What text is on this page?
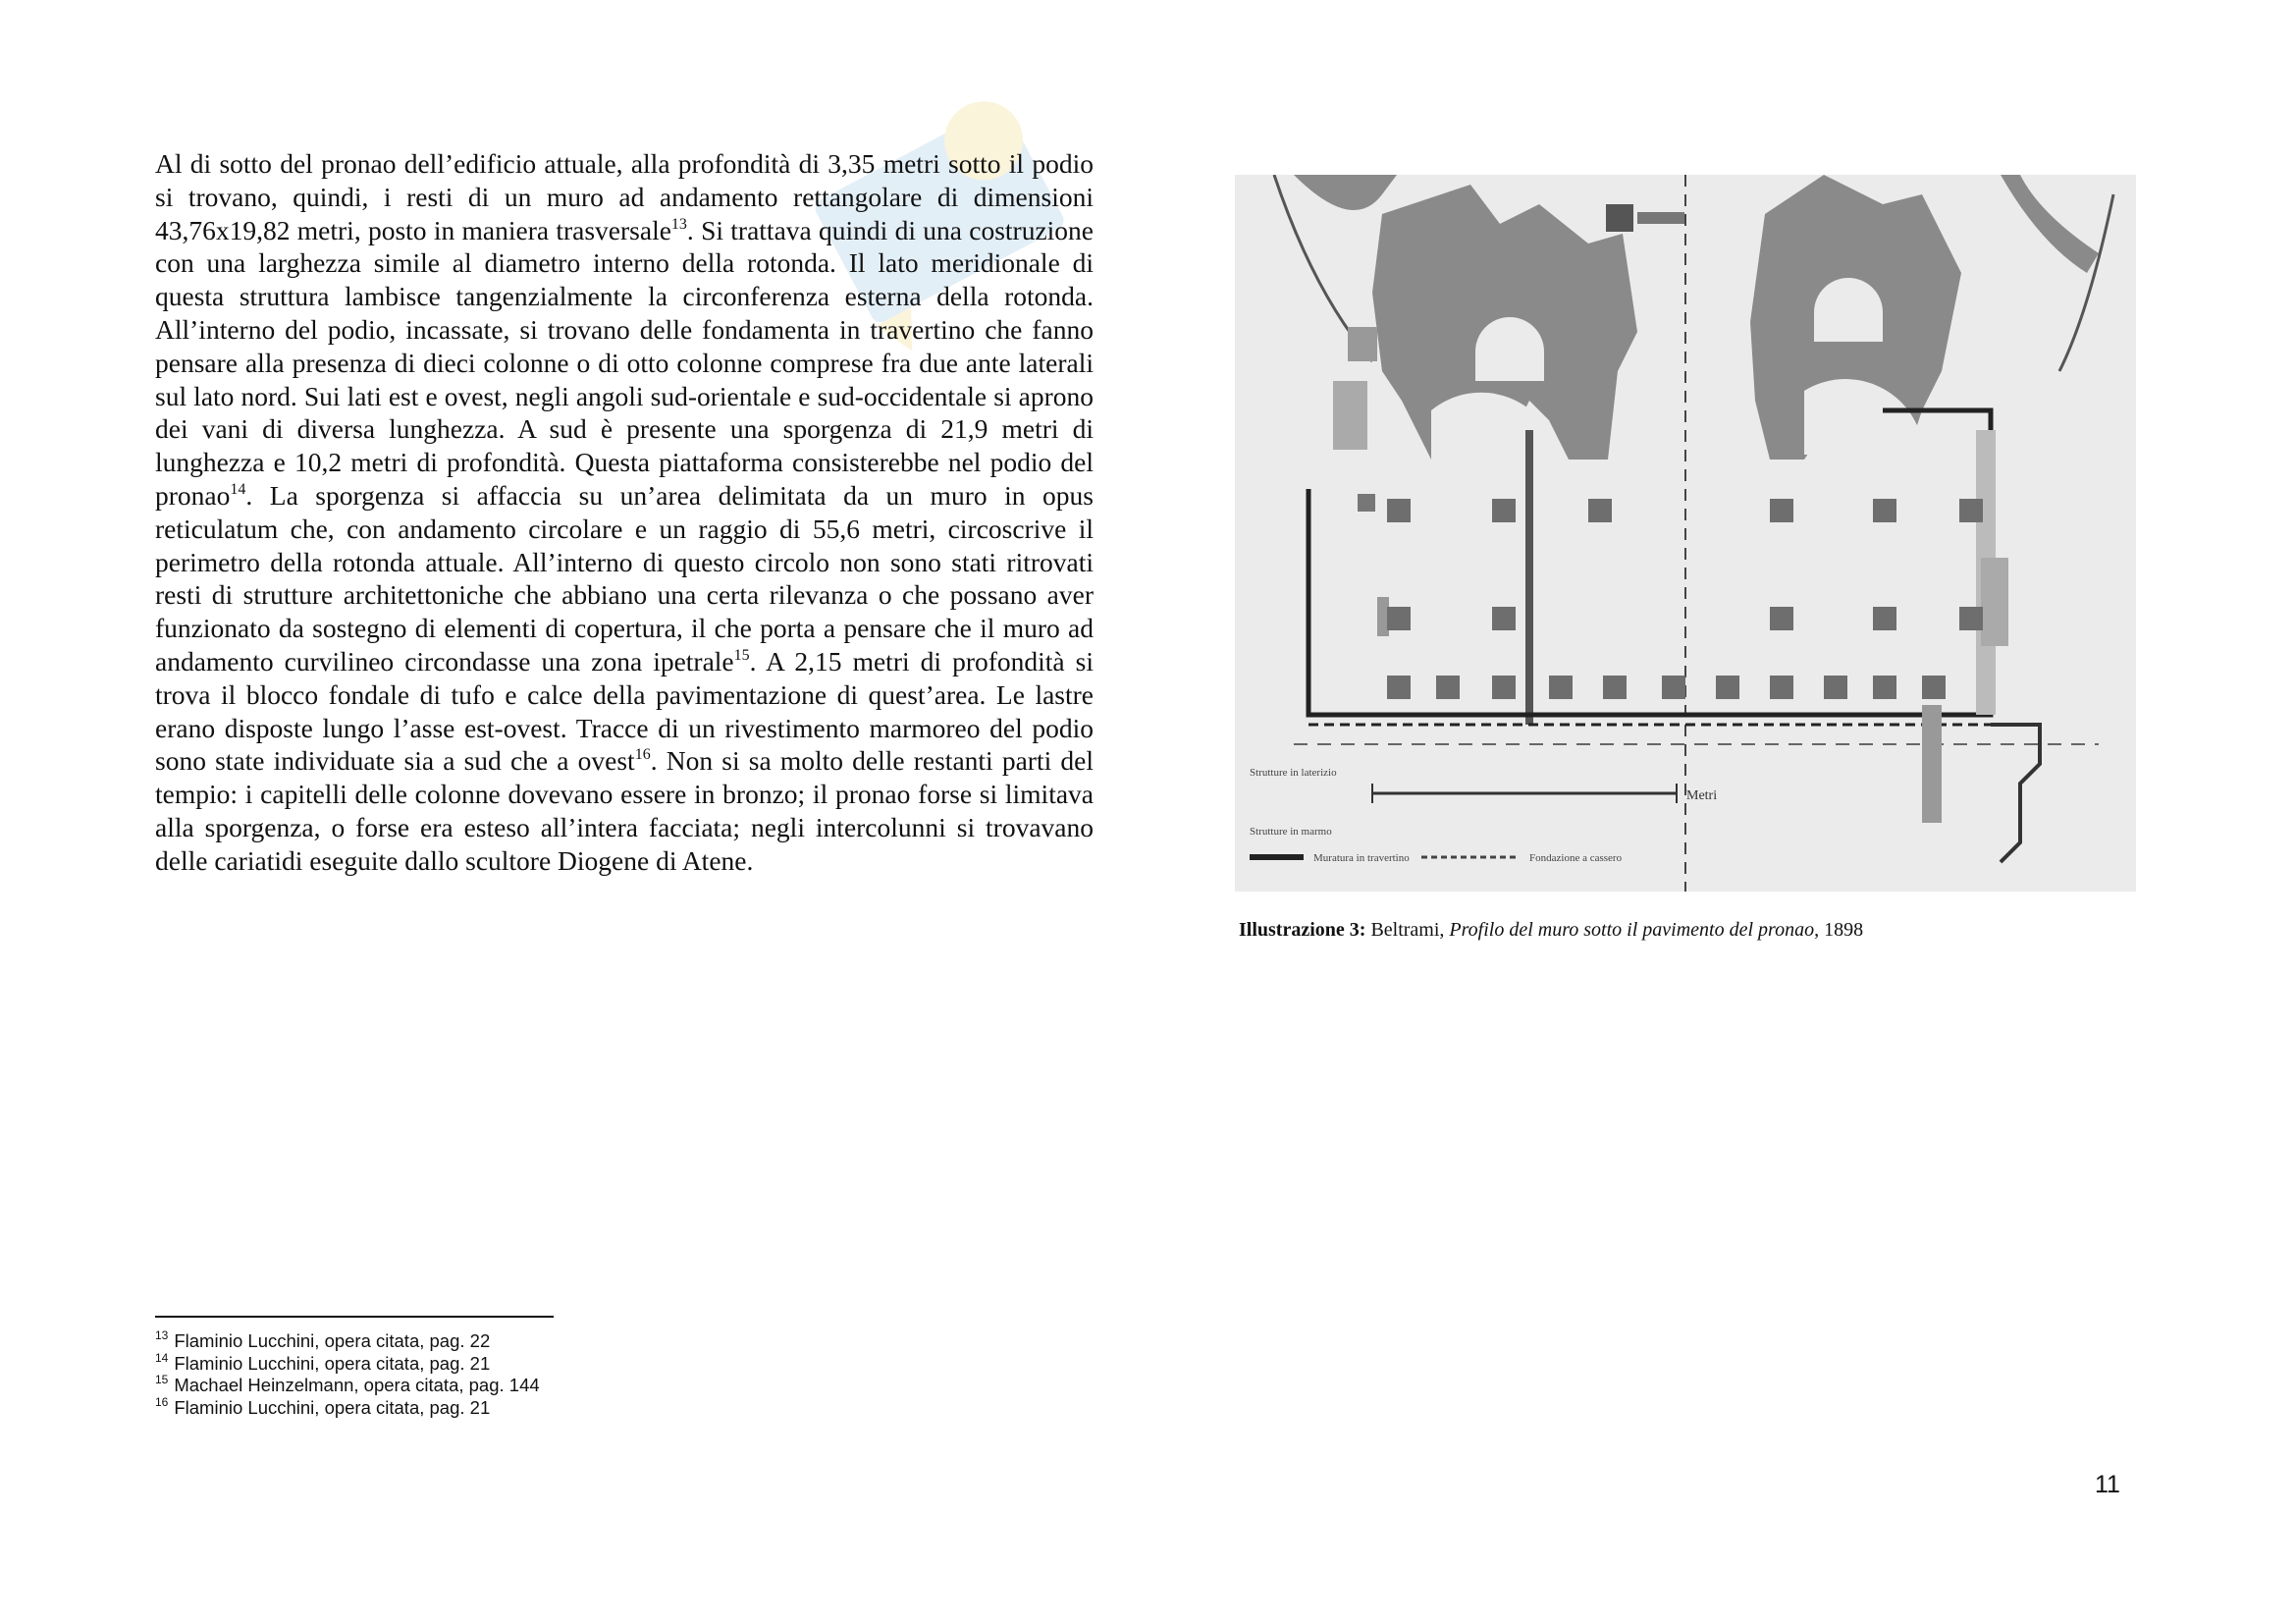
Al di sotto del pronao dell’edificio attuale, alla profondità di 3,35 metri sotto il podio si trovano, quindi, i resti di un muro ad andamento rettangolare di dimensioni 43,76x19,82 metri, posto in maniera trasversale$^{13}$. Si trattava quindi di una costruzione con una larghezza simile al diametro interno della rotonda. Il lato meridionale di questa struttura lambisce tangenzialmente la circonferenza esterna della rotonda. All’interno del podio, incassate, si trovano delle fondamenta in travertino che fanno pensare alla presenza di dieci colonne o di otto colonne comprese fra due ante laterali sul lato nord. Sui lati est e ovest, negli angoli sud-orientale e sud-occidentale si aprono dei vani di diversa lunghezza. A sud è presente una sporgenza di 21,9 metri di lunghezza e 10,2 metri di profondità. Questa piattaforma consisterebbe nel podio del pronao$^{14}$. La sporgenza si affaccia su un’area delimitata da un muro in opus reticulatum che, con andamento circolare e un raggio di 55,6 metri, circoscrive il perimetro della rotonda attuale. All’interno di questo circolo non sono stati ritrovati resti di strutture architettoniche che abbiano una certa rilevanza o che possano aver funzionato da sostegno di elementi di copertura, il che porta a pensare che il muro ad andamento curvilineo circondasse una zona ipetrale$^{15}$. A 2,15 metri di profondità si trova il blocco fondale di tufo e calce della pavimentazione di quest’area. Le lastre erano disposte lungo l’asse est-ovest. Tracce di un rivestimento marmoreo del podio sono state individuate sia a sud che a ovest$^{16}$. Non si sa molto delle restanti parti del tempio: i capitelli delle colonne dovevano essere in bronzo; il pronao forse si limitava alla sporgenza, o forse era esteso all’intera facciata; negli intercolunni si trovavano delle cariatidi eseguite dallo scultore Diogene di Atene.
Metri
Strutture in laterizio
Strutture in marmo
Muratura in travertino	Fondazione a cassero
Illustrazione 3: Beltrami, Profilo del muro sotto il pavimento del pronao, 1898
$^{13}$ Flaminio Lucchini, opera citata, pag. 22
$^{14}$ Flaminio Lucchini, opera citata, pag. 21
$^{15}$ Machael Heinzelmann, opera citata, pag. 144
$^{16}$ Flaminio Lucchini, opera citata, pag. 21
11
